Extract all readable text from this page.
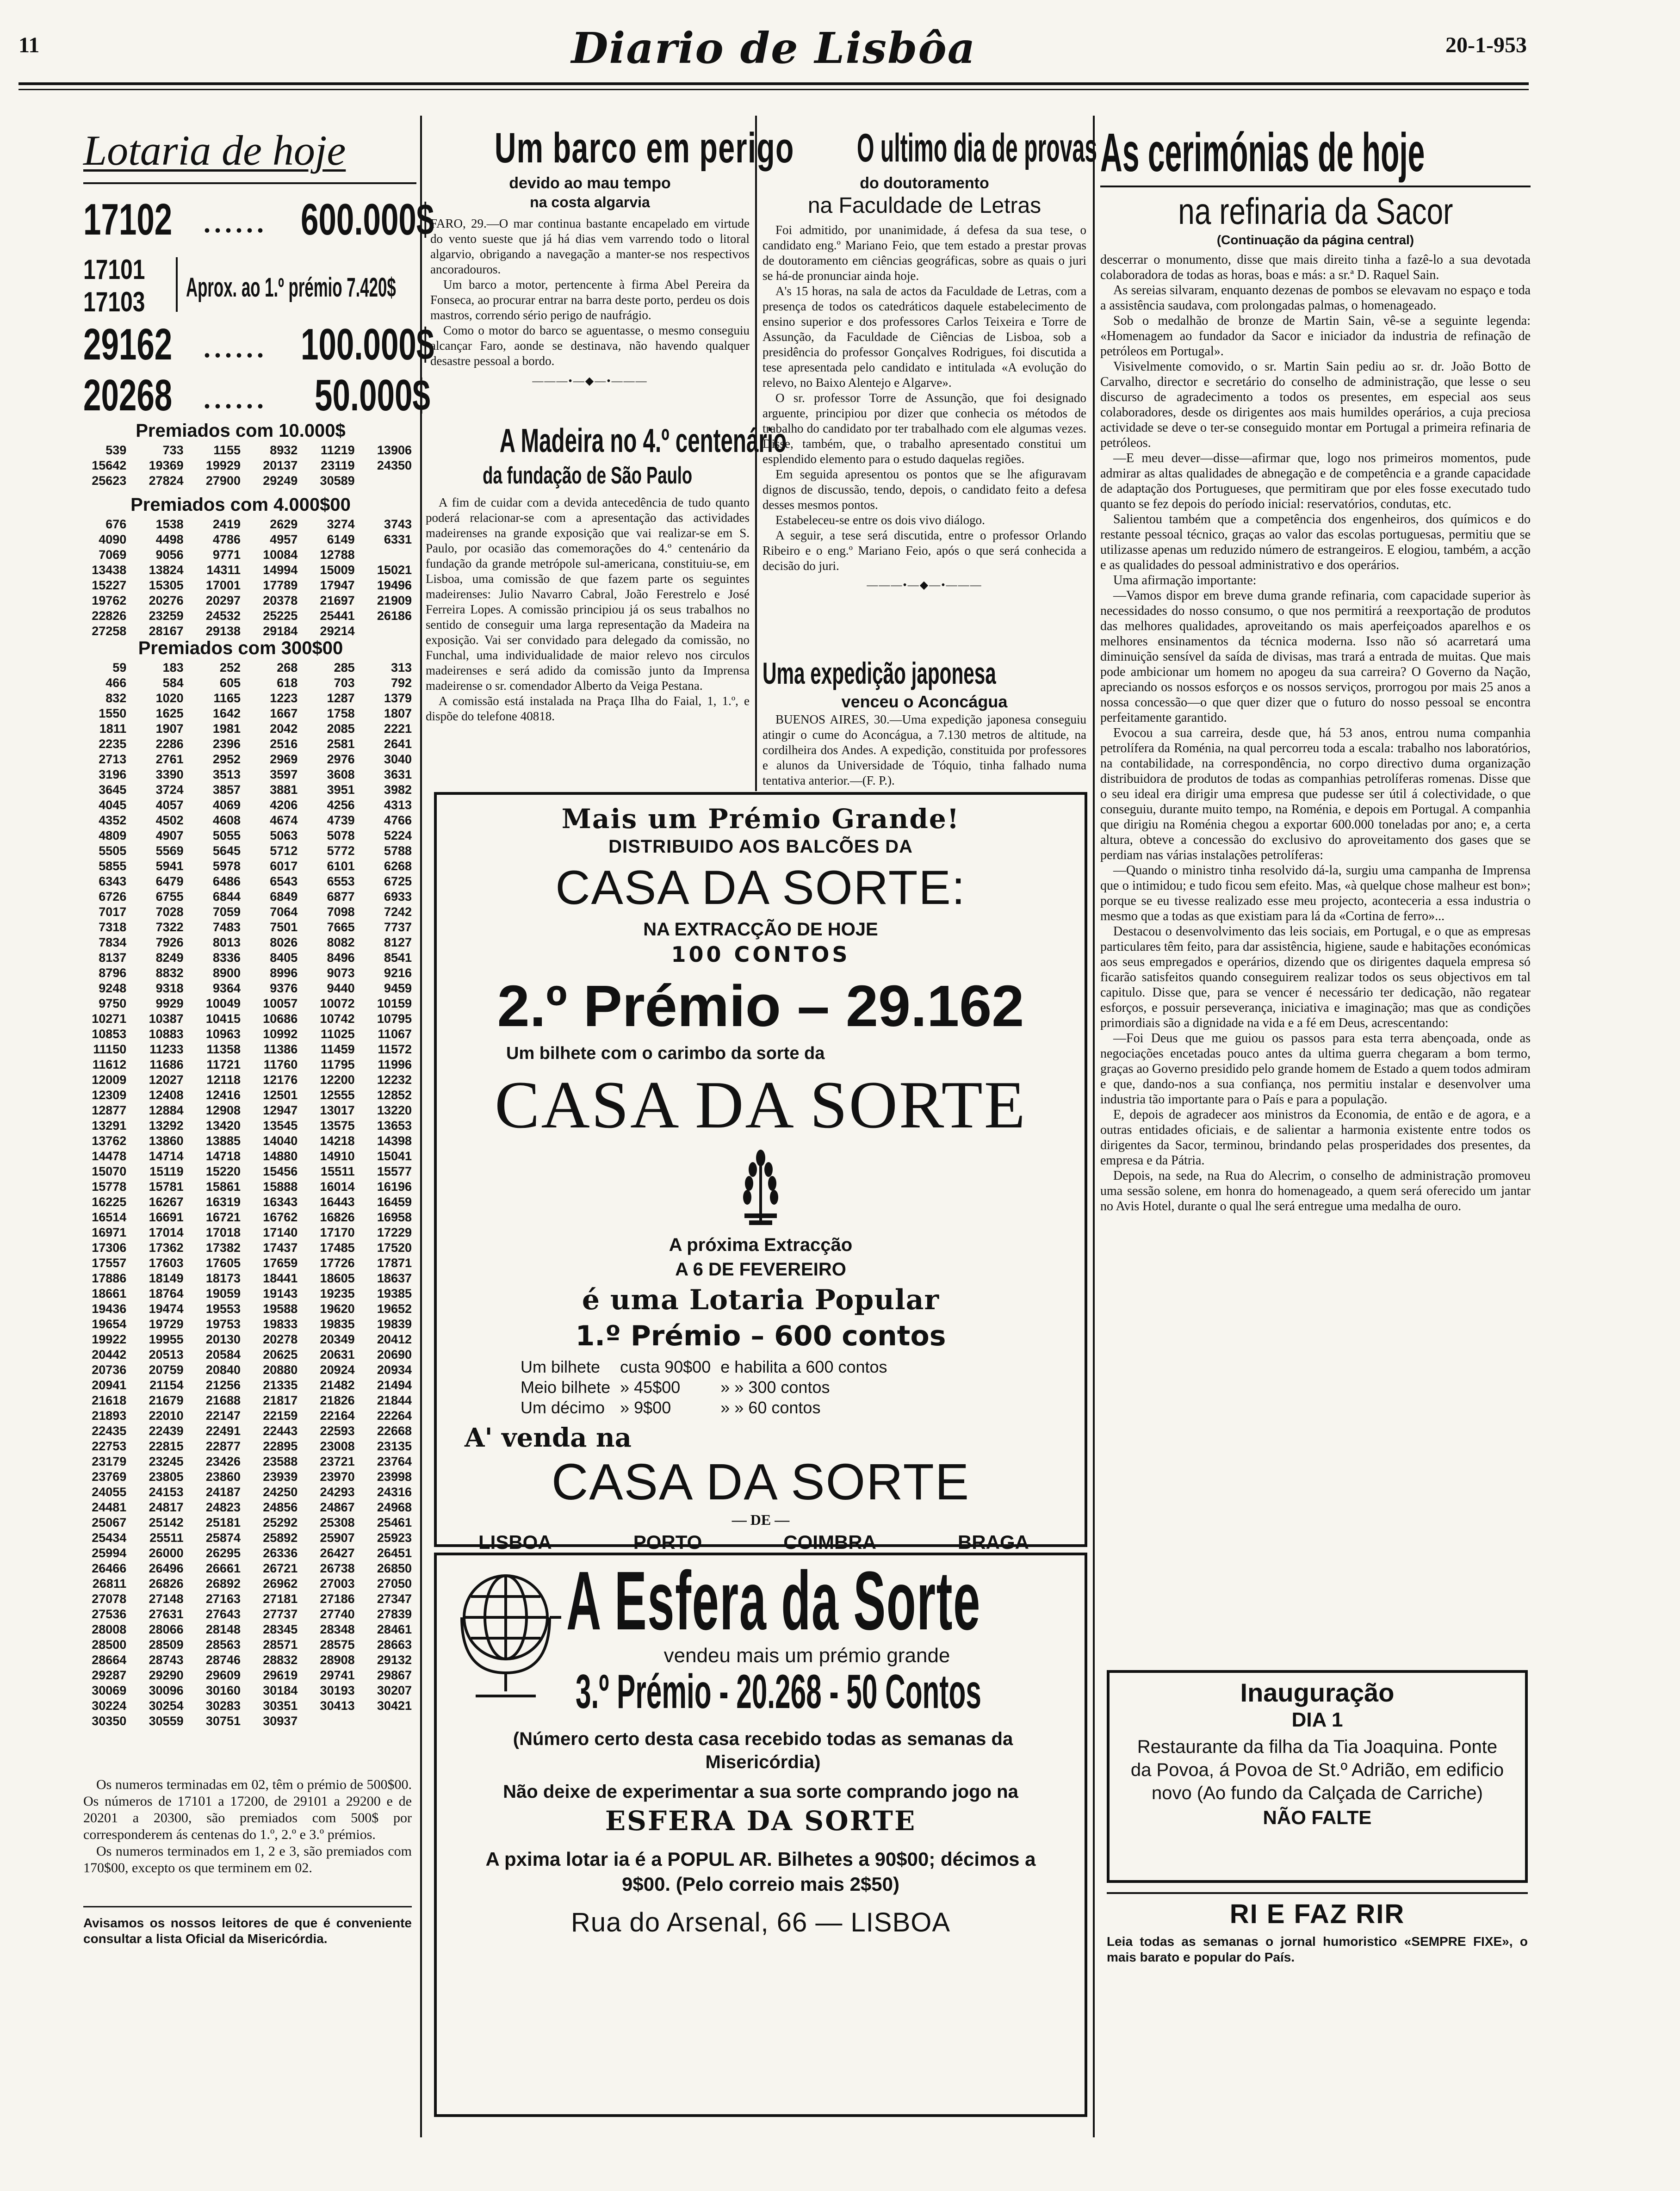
11	Diario de Lisbôa	20-1-953
Lotaria de hoje
17102 ...... 600.000$
17101
17103 Aprox. ao 1.º prémio 7.420$
29162 ...... 100.000$
20268 ...... 50.000$
Premiados com 10.000$
539	733	1155	8932	11219	13906
15642	19369	19929	20137	23119	24350
25623	27824	27900	29249	30589	
Premiados com 4.000$00
676	1538	2419	2629	3274	3743
4090	4498	4786	4957	6149	6331
7069	9056	9771	10084	12788	
13438	13824	14311	14994	15009	15021
15227	15305	17001	17789	17947	19496
19762	20276	20297	20378	21697	21909
22826	23259	24532	25225	25441	26186
27258	28167	29138	29184	29214	
Premiados com 300$00
59	183	252	268	285	313
466	584	605	618	703	792
832	1020	1165	1223	1287	1379
1550	1625	1642	1667	1758	1807
1811	1907	1981	2042	2085	2221
2235	2286	2396	2516	2581	2641
2713	2761	2952	2969	2976	3040
3196	3390	3513	3597	3608	3631
3645	3724	3857	3881	3951	3982
4045	4057	4069	4206	4256	4313
4352	4502	4608	4674	4739	4766
4809	4907	5055	5063	5078	5224
5505	5569	5645	5712	5772	5788
5855	5941	5978	6017	6101	6268
6343	6479	6486	6543	6553	6725
6726	6755	6844	6849	6877	6933
7017	7028	7059	7064	7098	7242
7318	7322	7483	7501	7665	7737
7834	7926	8013	8026	8082	8127
8137	8249	8336	8405	8496	8541
8796	8832	8900	8996	9073	9216
9248	9318	9364	9376	9440	9459
9750	9929	10049	10057	10072	10159
10271	10387	10415	10686	10742	10795
10853	10883	10963	10992	11025	11067
11150	11233	11358	11386	11459	11572
11612	11686	11721	11760	11795	11996
12009	12027	12118	12176	12200	12232
12309	12408	12416	12501	12555	12852
12877	12884	12908	12947	13017	13220
13291	13292	13420	13545	13575	13653
13762	13860	13885	14040	14218	14398
14478	14714	14718	14880	14910	15041
15070	15119	15220	15456	15511	15577
15778	15781	15861	15888	16014	16196
16225	16267	16319	16343	16443	16459
16514	16691	16721	16762	16826	16958
16971	17014	17018	17140	17170	17229
17306	17362	17382	17437	17485	17520
17557	17603	17605	17659	17726	17871
17886	18149	18173	18441	18605	18637
18661	18764	19059	19143	19235	19385
19436	19474	19553	19588	19620	19652
19654	19729	19753	19833	19835	19839
19922	19955	20130	20278	20349	20412
20442	20513	20584	20625	20631	20690
20736	20759	20840	20880	20924	20934
20941	21154	21256	21335	21482	21494
21618	21679	21688	21817	21826	21844
21893	22010	22147	22159	22164	22264
22435	22439	22491	22443	22593	22668
22753	22815	22877	22895	23008	23135
23179	23245	23426	23588	23721	23764
23769	23805	23860	23939	23970	23998
24055	24153	24187	24250	24293	24316
24481	24817	24823	24856	24867	24968
25067	25142	25181	25292	25308	25461
25434	25511	25874	25892	25907	25923
25994	26000	26295	26336	26427	26451
26466	26496	26661	26721	26738	26850
26811	26826	26892	26962	27003	27050
27078	27148	27163	27181	27186	27347
27536	27631	27643	27737	27740	27839
28008	28066	28148	28345	28348	28461
28500	28509	28563	28571	28575	28663
28664	28743	28746	28832	28908	29132
29287	29290	29609	29619	29741	29867
30069	30096	30160	30184	30193	30207
30224	30254	30283	30351	30413	30421
30350	30559	30751	30937		

Os numeros terminadas em 02, têm o prémio de 500$00. Os números de 17101 a 17200, de 29101 a 29200 e de 20201 a 20300, são premiados com 500$ por corresponderem ás centenas do 1.º, 2.º e 3.º prémios.

Os numeros terminados em 1, 2 e 3, são premiados com 170$00, excepto os que terminem em 02.

Avisamos os nossos leitores de que é conveniente consultar a lista Oficial da Misericórdia.
Um barco em perigo
devido ao mau tempo
na costa algarvia

FARO, 29.—O mar continua bastante encapelado em virtude do vento sueste que já há dias vem varrendo todo o litoral algarvio, obrigando a navegação a manter-se nos respectivos ancoradouros.

Um barco a motor, pertencente à firma Abel Pereira da Fonseca, ao procurar entrar na barra deste porto, perdeu os dois mastros, correndo sério perigo de naufrágio.

Como o motor do barco se aguentasse, o mesmo conseguiu alcançar Faro, aonde se destinava, não havendo qualquer desastre pessoal a bordo.

———•—◆—•———
A Madeira no 4.º centenário
da fundação de São Paulo

A fim de cuidar com a devida antecedência de tudo quanto poderá relacionar-se com a apresentação das actividades madeirenses na grande exposição que vai realizar-se em S. Paulo, por ocasião das comemorações do 4.º centenário da fundação da grande metrópole sul-americana, constituiu-se, em Lisboa, uma comissão de que fazem parte os seguintes madeirenses: Julio Navarro Cabral, João Ferestrelo e José Ferreira Lopes. A comissão principiou já os seus trabalhos no sentido de conseguir uma larga representação da Madeira na exposição. Vai ser convidado para delegado da comissão, no Funchal, uma individualidade de maior relevo nos circulos madeirenses e será adido da comissão junto da Imprensa madeirense o sr. comendador Alberto da Veiga Pestana.

A comissão está instalada na Praça Ilha do Faial, 1, 1.º, e dispõe do telefone 40818.

O ultimo dia de provas
do doutoramento
na Faculdade de Letras

Foi admitido, por unanimidade, á defesa da sua tese, o candidato eng.º Mariano Feio, que tem estado a prestar provas de doutoramento em ciências geográficas, sobre as quais o juri se há-de pronunciar ainda hoje.

A's 15 horas, na sala de actos da Faculdade de Letras, com a presença de todos os catedráticos daquele estabelecimento de ensino superior e dos professores Carlos Teixeira e Torre de Assunção, da Faculdade de Ciências de Lisboa, sob a presidência do professor Gonçalves Rodrigues, foi discutida a tese apresentada pelo candidato e intitulada «A evolução do relevo, no Baixo Alentejo e Algarve».

O sr. professor Torre de Assunção, que foi designado arguente, principiou por dizer que conhecia os métodos de trabalho do candidato por ter trabalhado com ele algumas vezes. Disse, também, que, o trabalho apresentado constitui um esplendido elemento para o estudo daquelas regiões.

Em seguida apresentou os pontos que se lhe afiguravam dignos de discussão, tendo, depois, o candidato feito a defesa desses mesmos pontos.

Estabeleceu-se entre os dois vivo diálogo.

A seguir, a tese será discutida, entre o professor Orlando Ribeiro e o eng.º Mariano Feio, após o que será conhecida a decisão do juri.

———•—◆—•———
Uma expedição japonesa
venceu o Aconcágua

BUENOS AIRES, 30.—Uma expedição japonesa conseguiu atingir o cume do Aconcágua, a 7.130 metros de altitude, na cordilheira dos Andes. A expedição, constituida por professores e alunos da Universidade de Tóquio, tinha falhado numa tentativa anterior.—(F. P.).

Mais um Prémio Grande!
DISTRIBUIDO AOS BALCÕES DA
CASA DA SORTE:
NA EXTRACÇÃO DE HOJE
100 CONTOS
2.º Prémio – 29.162
Um bilhete com o carimbo da sorte da
CASA DA SORTE
A próxima Extracção
A 6 DE FEVEREIRO
é uma Lotaria Popular
1.º Prémio – 600 contos
Um bilhete	custa 90$00	e habilita a 600 contos
Meio bilhete	» 45$00	» » 300 contos
Um décimo	» 9$00	» » 60 contos
A' venda na
CASA DA SORTE
— DE —
LISBOA	PORTO	COIMBRA	BRAGA
A Esfera da Sorte
vendeu mais um prémio grande
3.º Prémio - 20.268 - 50 Contos
(Número certo desta casa recebido todas as semanas da Misericórdia)
Não deixe de experimentar a sua sorte comprando jogo na
ESFERA DA SORTE
A pxima lotar ia é a POPUL AR. Bilhetes a 90$00; décimos a 9$00. (Pelo correio mais 2$50)
Rua do Arsenal, 66 — LISBOA
As cerimónias de hoje
na refinaria da Sacor
(Continuação da página central)

descerrar o monumento, disse que mais direito tinha a fazê-lo a sua devotada colaboradora de todas as horas, boas e más: a sr.ª D. Raquel Sain.

As sereias silvaram, enquanto dezenas de pombos se elevavam no espaço e toda a assistência saudava, com prolongadas palmas, o homenageado.

Sob o medalhão de bronze de Martin Sain, vê-se a seguinte legenda: «Homenagem ao fundador da Sacor e iniciador da industria de refinação de petróleos em Portugal».

Visivelmente comovido, o sr. Martin Sain pediu ao sr. dr. João Botto de Carvalho, director e secretário do conselho de administração, que lesse o seu discurso de agradecimento a todos os presentes, em especial aos seus colaboradores, desde os dirigentes aos mais humildes operários, a cuja preciosa actividade se deve o ter-se conseguido montar em Portugal a primeira refinaria de petróleos.

—E meu dever—disse—afirmar que, logo nos primeiros momentos, pude admirar as altas qualidades de abnegação e de competência e a grande capacidade de adaptação dos Portugueses, que permitiram que por eles fosse executado tudo quanto se fez depois do período inicial: reservatórios, condutas, etc.

Salientou também que a competência dos engenheiros, dos químicos e do restante pessoal técnico, graças ao valor das escolas portuguesas, permitiu que se utilizasse apenas um reduzido número de estrangeiros. E elogiou, também, a acção e as qualidades do pessoal administrativo e dos operários.

Uma afirmação importante:

—Vamos dispor em breve duma grande refinaria, com capacidade superior às necessidades do nosso consumo, o que nos permitirá a reexportação de produtos das melhores qualidades, aproveitando os mais aperfeiçoados aparelhos e os melhores ensinamentos da técnica moderna. Isso não só acarretará uma diminuição sensível da saída de divisas, mas trará a entrada de muitas. Que mais pode ambicionar um homem no apogeu da sua carreira? O Governo da Nação, apreciando os nossos esforços e os nossos serviços, prorrogou por mais 25 anos a nossa concessão—o que quer dizer que o futuro do nosso pessoal se encontra perfeitamente garantido.

Evocou a sua carreira, desde que, há 53 anos, entrou numa companhia petrolífera da Roménia, na qual percorreu toda a escala: trabalho nos laboratórios, na contabilidade, na correspondência, no corpo directivo duma organização distribuidora de produtos de todas as companhias petrolíferas romenas. Disse que o seu ideal era dirigir uma empresa que pudesse ser útil á colectividade, o que conseguiu, durante muito tempo, na Roménia, e depois em Portugal. A companhia que dirigiu na Roménia chegou a exportar 600.000 toneladas por ano; e, a certa altura, obteve a concessão do exclusivo do aproveitamento dos gases que se perdiam nas várias instalações petrolíferas:

—Quando o ministro tinha resolvido dá-la, surgiu uma campanha de Imprensa que o intimidou; e tudo ficou sem efeito. Mas, «à quelque chose malheur est bon»; porque se eu tivesse realizado esse meu projecto, aconteceria a essa industria o mesmo que a todas as que existiam para lá da «Cortina de ferro»...

Destacou o desenvolvimento das leis sociais, em Portugal, e o que as empresas particulares têm feito, para dar assistência, higiene, saude e habitações económicas aos seus empregados e operários, dizendo que os dirigentes daquela empresa só ficarão satisfeitos quando conseguirem realizar todos os seus objectivos em tal capitulo. Disse que, para se vencer é necessário ter dedicação, não regatear esforços, e possuir perseverança, iniciativa e imaginação; mas que as condições primordiais são a dignidade na vida e a fé em Deus, acrescentando:

—Foi Deus que me guiou os passos para esta terra abençoada, onde as negociações encetadas pouco antes da ultima guerra chegaram a bom termo, graças ao Governo presidido pelo grande homem de Estado a quem todos admiram e que, dando-nos a sua confiança, nos permitiu instalar e desenvolver uma industria tão importante para o País e para a população.

E, depois de agradecer aos ministros da Economia, de então e de agora, e a outras entidades oficiais, e de salientar a harmonia existente entre todos os dirigentes da Sacor, terminou, brindando pelas prosperidades dos presentes, da empresa e da Pátria.

Depois, na sede, na Rua do Alecrim, o conselho de administração promoveu uma sessão solene, em honra do homenageado, a quem será oferecido um jantar no Avis Hotel, durante o qual lhe será entregue uma medalha de ouro.

Inauguração
DIA 1
Restaurante da filha da Tia Joaquina. Ponte da Povoa, á Povoa de St.º Adrião, em edificio novo (Ao fundo da Calçada de Carriche)
NÃO FALTE
RI E FAZ RIR
Leia todas as semanas o jornal humoristico «SEMPRE FIXE», o mais barato e popular do País.
